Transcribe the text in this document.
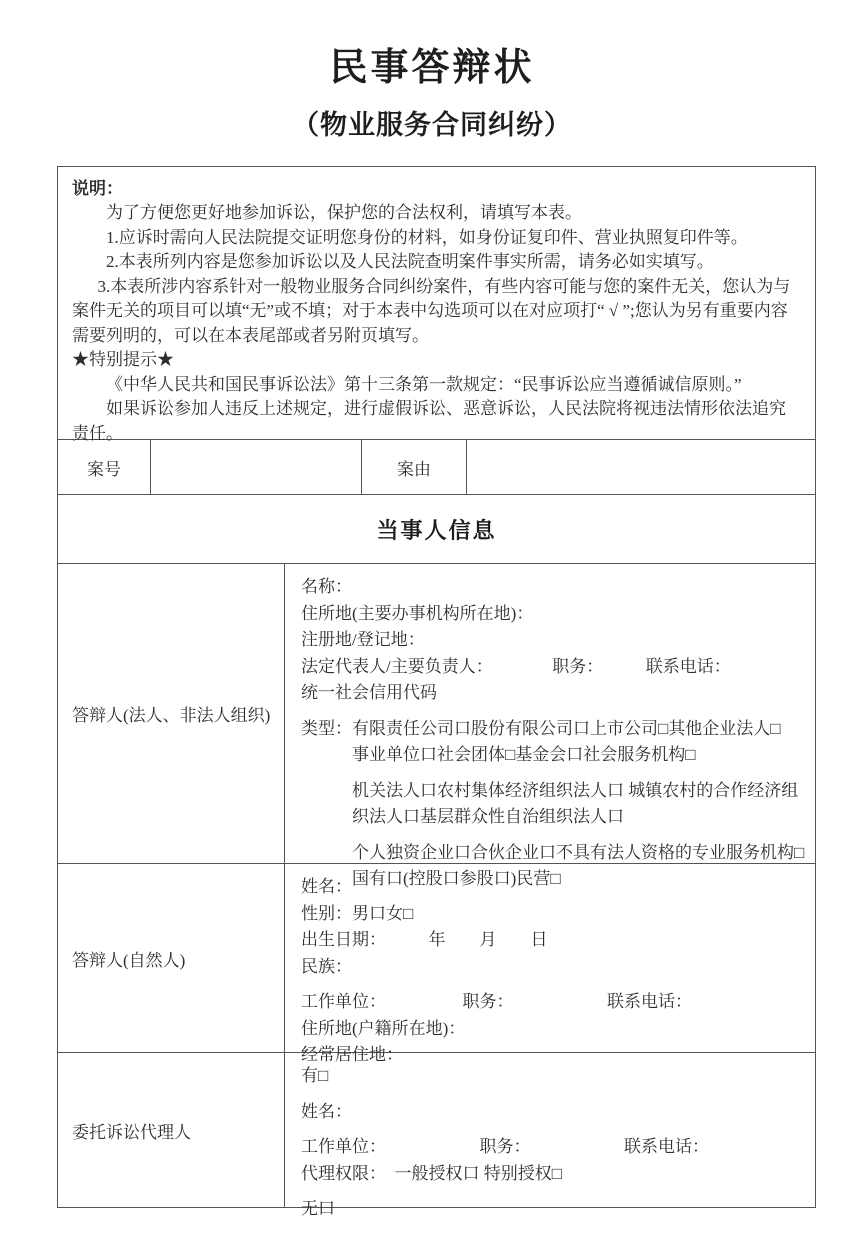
民事答辩状
（物业服务合同纠纷）
说明：
为了方便您更好地参加诉讼，保护您的合法权利，请填写本表。
1.应诉时需向人民法院提交证明您身份的材料，如身份证复印件、营业执照复印件等。
2.本表所列内容是您参加诉讼以及人民法院查明案件事实所需，请务必如实填写。
3.本表所涉内容系针对一般物业服务合同纠纷案件，有些内容可能与您的案件无关，您认为与案件无关的项目可以填“无”或不填；对于本表中勾选项可以在对应项打“ √ ”;您认为另有重要内容需要列明的，可以在本表尾部或者另附页填写。
★特别提示★
《中华人民共和国民事诉讼法》第十三条第一款规定：“民事诉讼应当遵循诚信原则。”
如果诉讼参加人违反上述规定，进行虚假诉讼、恶意诉讼，人民法院将视违法情形依法追究责任。
案号	案由
当事人信息
答辩人(法人、非法人组织)
名称：
住所地(主要办事机构所在地)：
注册地/登记地：
法定代表人/主要负责人：　　　　职务：　　　联系电话：
统一社会信用代码
类型：有限责任公司口股份有限公司口上市公司□其他企业法人□
事业单位口社会团体□基金会口社会服务机构□
机关法人口农村集体经济组织法人口 城镇农村的合作经济组织法人口基层群众性自治组织法人口
个人独资企业口合伙企业口不具有法人资格的专业服务机构□
国有口(控股口参股口)民营□
答辩人(自然人)
姓名：
性别：男口女□
出生日期：　　　年　　月　　日
民族：
工作单位：　　　　　职务：　　　　　　联系电话：
住所地(户籍所在地)：
经常居住地：
委托诉讼代理人
有□
姓名：
工作单位：　　　　　　职务：　　　　　　联系电话：
代理权限：　一般授权口 特别授权□
无口
